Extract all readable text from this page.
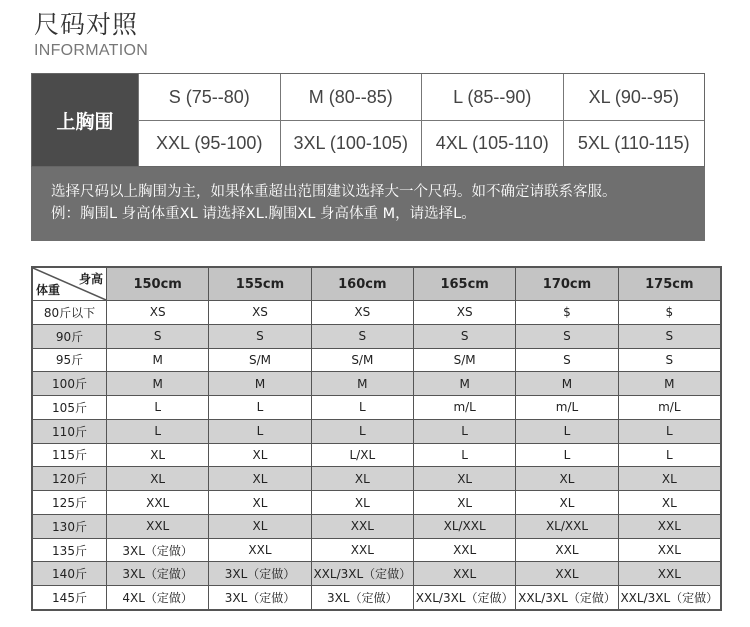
尺码对照
INFORMATION
上胸围
S (75--80)	M (80--85)	L (85--90)	XL (90--95)
XXL (95-100)	3XL (100-105)	4XL (105-110)	5XL (110-115)
选择尺码以上胸围为主，如果体重超出范围建议选择大一个尺码。如不确定请联系客服。
例：胸围L 身高体重XL 请选择XL.胸围XL 身高体重 M，请选择L。
身高
体重	150cm	155cm	160cm	165cm	170cm	175cm
80斤以下	XS	XS	XS	XS	$	$
90斤	S	S	S	S	S	S
95斤	M	S/M	S/M	S/M	S	S
100斤	M	M	M	M	M	M
105斤	L	L	L	m/L	m/L	m/L
110斤	L	L	L	L	L	L
115斤	XL	XL	L/XL	L	L	L
120斤	XL	XL	XL	XL	XL	XL
125斤	XXL	XL	XL	XL	XL	XL
130斤	XXL	XL	XXL	XL/XXL	XL/XXL	XXL
135斤	3XL（定做）	XXL	XXL	XXL	XXL	XXL
140斤	3XL（定做）	3XL（定做）	XXL/3XL（定做）	XXL	XXL	XXL
145斤	4XL（定做）	3XL（定做）	3XL（定做）	XXL/3XL（定做）	XXL/3XL（定做）	XXL/3XL（定做）
